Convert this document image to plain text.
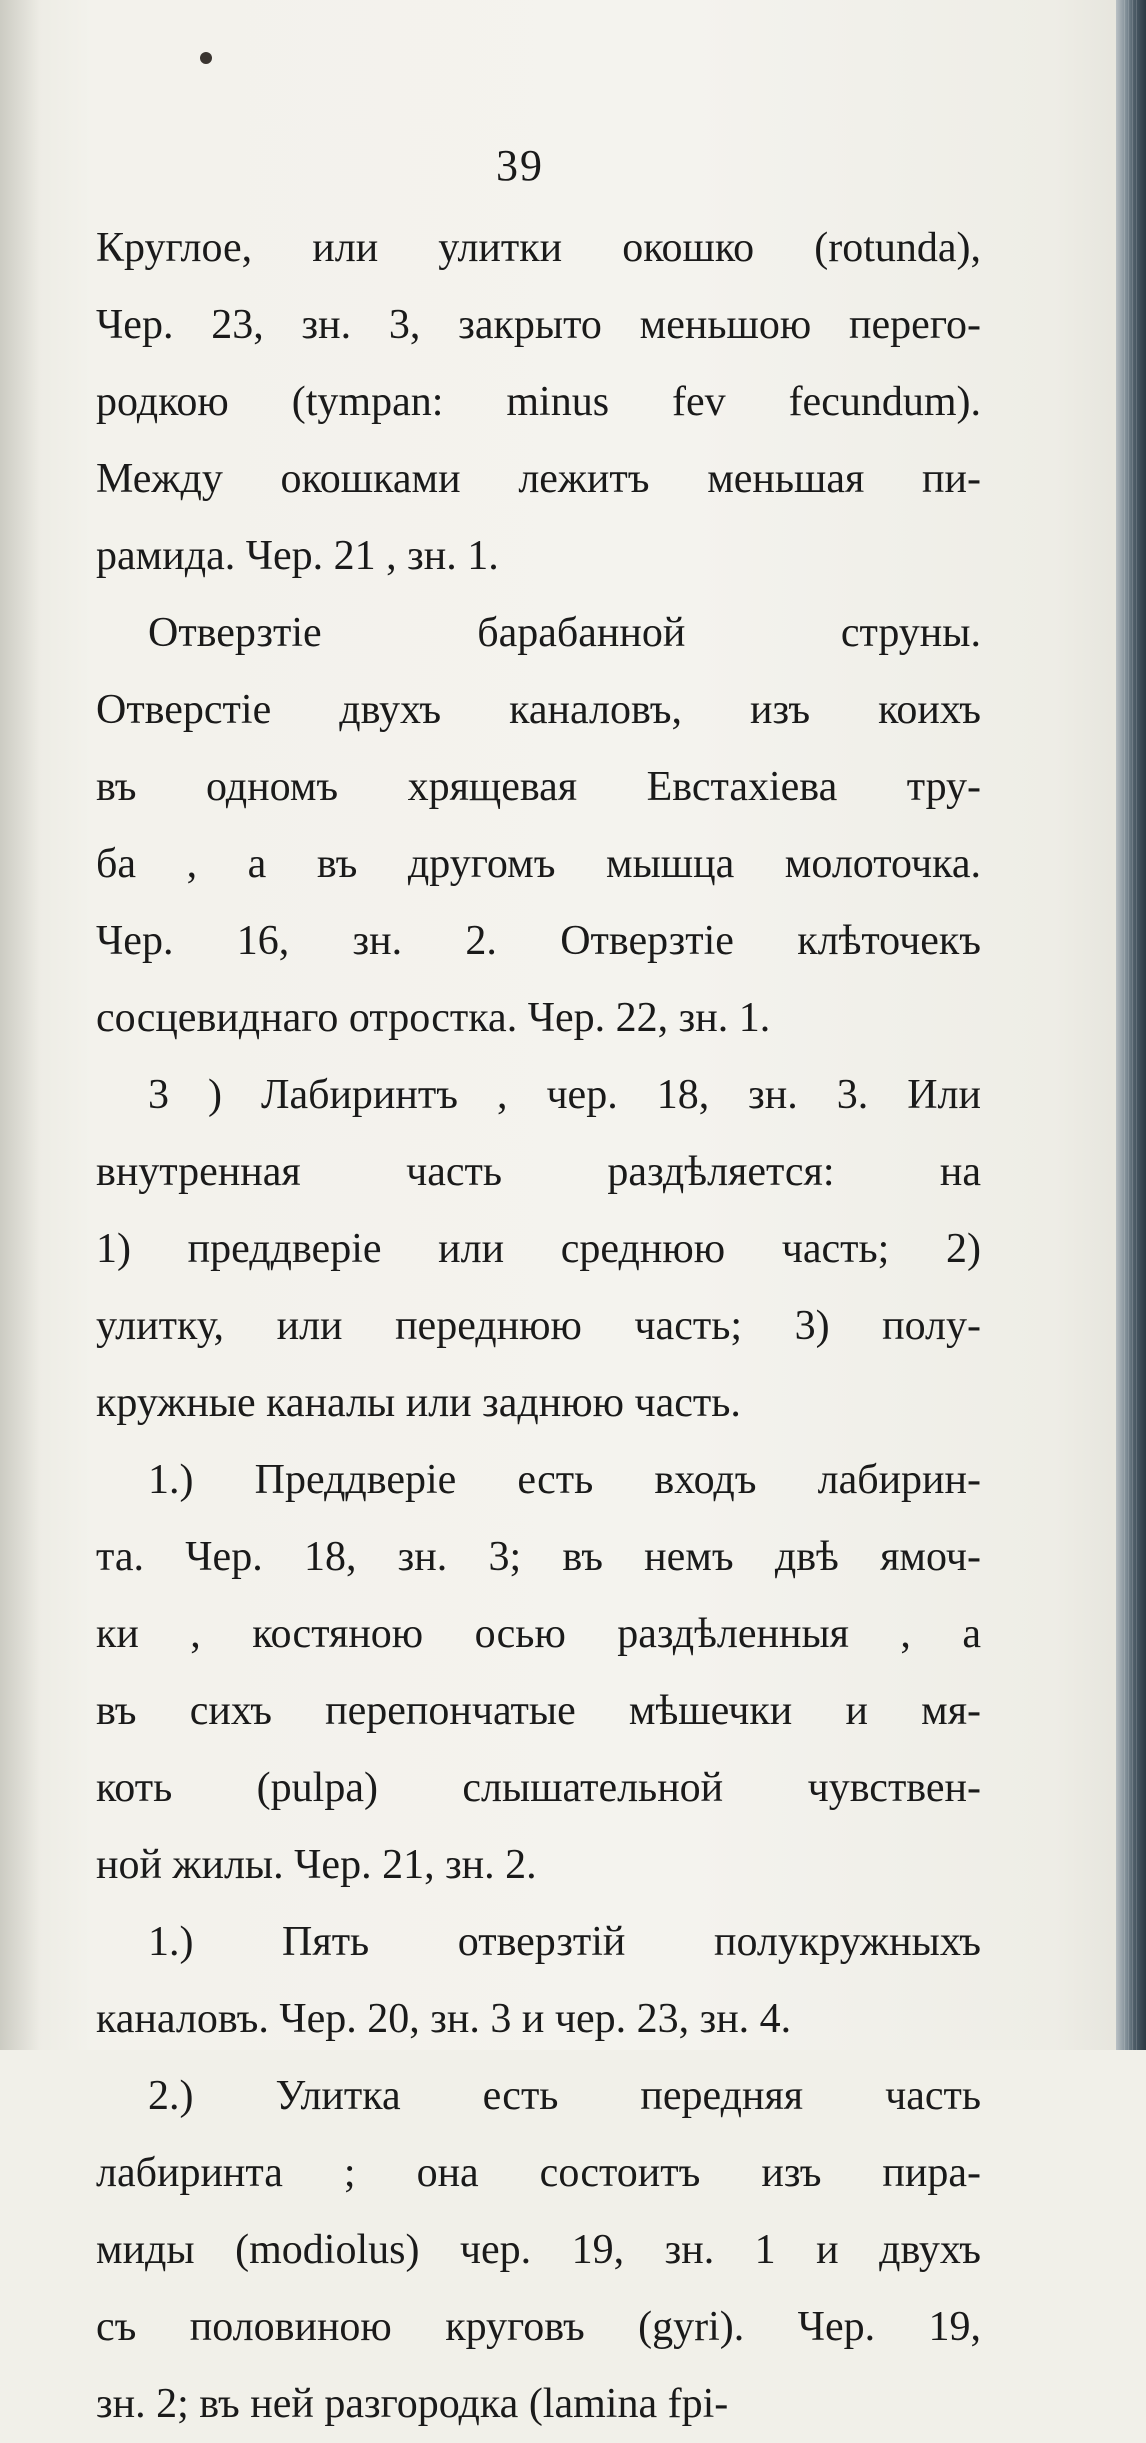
39
Круглое, или улитки окошко (rotunda),
Чер. 23, зн. 3, закрыто меньшою перего-
родкою (tympan: minus fev fecundum).
Между окошками лежитъ меньшая пи-
рамида. Чер. 21 , зн. 1.
Отверзтіе барабанной струны.
Отверстіе двухъ каналовъ, изъ коихъ
въ одномъ хрящевая Евстахіева тру-
ба , а въ другомъ мышца молоточка.
Чер. 16, зн. 2. Отверзтіе клѣточекъ
сосцевиднаго отростка. Чер. 22, зн. 1.
3 ) Лабиринтъ , чер. 18, зн. 3. Или
внутренная часть раздѣляется: на
1) преддверіе или среднюю часть; 2)
улитку, или переднюю часть; 3) полу-
кружные каналы или заднюю часть.
1.) Преддверіе есть входъ лабирин-
та. Чер. 18, зн. 3; въ немъ двѣ ямоч-
ки , костяною осью раздѣленныя , а
въ сихъ перепончатые мѣшечки и мя-
коть (pulpa) слышательной чувствен-
ной жилы. Чер. 21, зн. 2.
1.) Пять отверзтій полукружныхъ
каналовъ. Чер. 20, зн. 3 и чер. 23, зн. 4.
2.) Улитка есть передняя часть
лабиринта ; она состоитъ изъ пира-
миды (modiolus) чер. 19, зн. 1 и двухъ
съ половиною круговъ (gyri). Чер. 19,
зн. 2; въ ней разгородка (lamina fpi-
